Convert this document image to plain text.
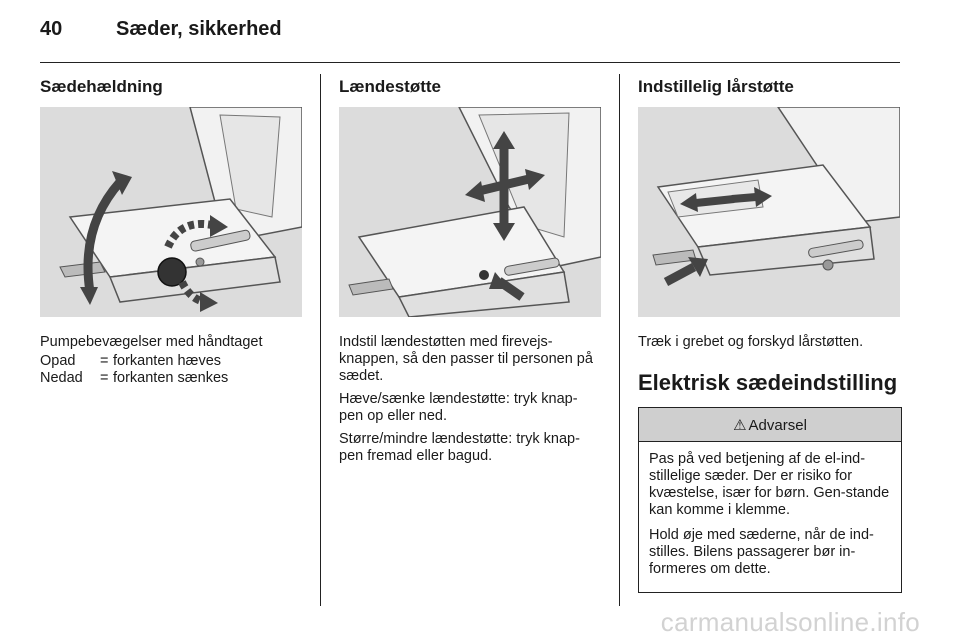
40	Sæder, sikkerhed
Sædehældning

Pumpebevægelser med håndtaget

Opad	= forkanten hæves
Nedad	= forkanten sænkes
Lændestøtte

Indstil lændestøtten med firevejs-knappen, så den passer til personen på sædet.

Hæve/sænke lændestøtte: tryk knap-pen op eller ned.

Større/mindre lændestøtte: tryk knap-pen fremad eller bagud.

Indstillelig lårstøtte

Træk i grebet og forskyd lårstøtten.

Elektrisk sædeindstilling
⚠ Advarsel

Pas på ved betjening af de el-ind-stillelige sæder. Der er risiko for kvæstelse, især for børn. Gen-stande kan komme i klemme.

Hold øje med sæderne, når de ind-stilles. Bilens passagerer bør in-formeres om dette.

carmanualsonline.info
